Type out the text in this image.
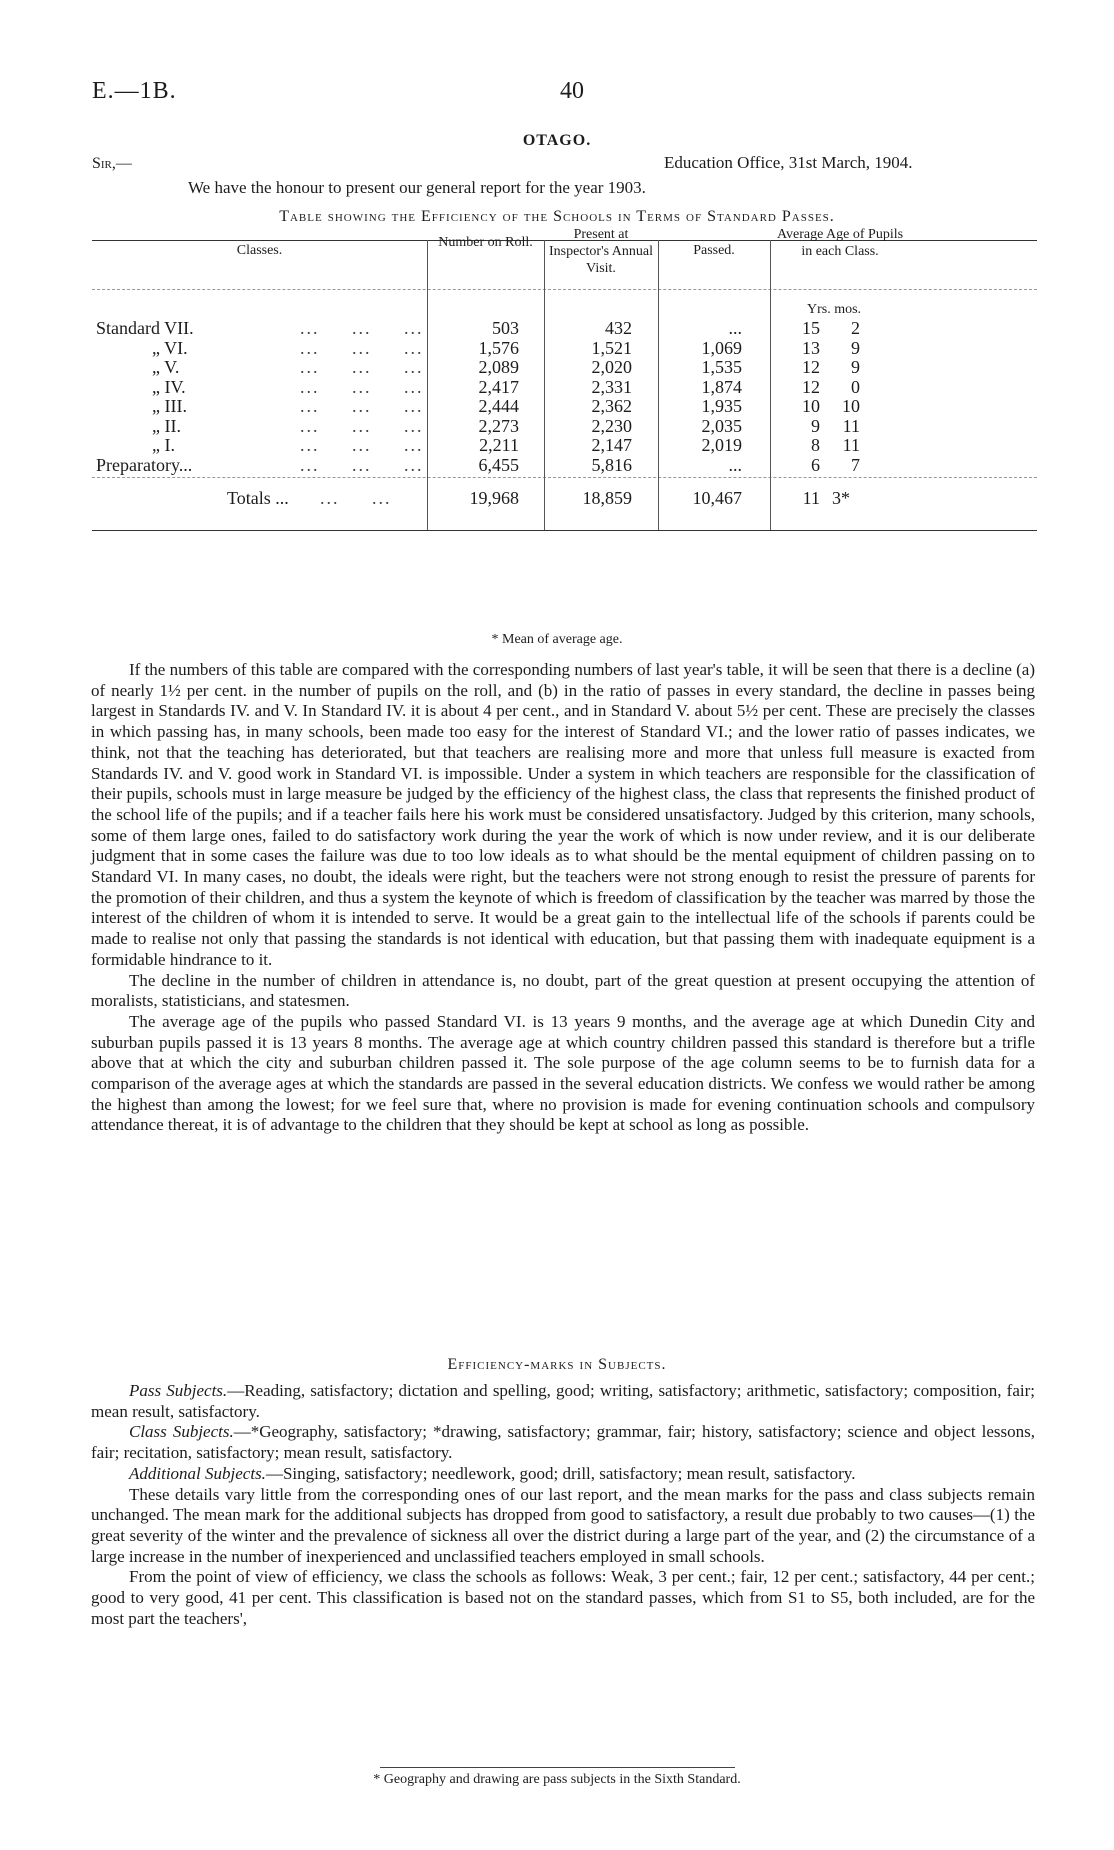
E.—1B.	40
OTAGO.
Sir,—	Education Office, 31st March, 1904.
We have the honour to present our general report for the year 1903.
Table showing the Efficiency of the Schools in Terms of Standard Passes.
Classes.
Number on Roll.
Present at Inspector's Annual Visit.
Passed.
Average Age of Pupils in each Class.
Yrs. mos.
Standard VII.	...     ...     ...	503	432	...	15	2
„ VI.	...     ...     ...	1,576	1,521	1,069	13	9
„ V.	...     ...     ...	2,089	2,020	1,535	12	9
„ IV.	...     ...     ...	2,417	2,331	1,874	12	0
„ III.	...     ...     ...	2,444	2,362	1,935	10	10
„ II.	...     ...     ...	2,273	2,230	2,035	9	11
„ I.	...     ...     ...	2,211	2,147	2,019	8	11
Preparatory...	...     ...     ...	6,455	5,816	...	6	7
Totals ... ...     ...	19,968	18,859	10,467	11 3*
* Mean of average age.

If the numbers of this table are compared with the corresponding numbers of last year's table, it will be seen that there is a decline (a) of nearly 1½ per cent. in the number of pupils on the roll, and (b) in the ratio of passes in every standard, the decline in passes being largest in Standards IV. and V. In Standard IV. it is about 4 per cent., and in Standard V. about 5½ per cent. These are precisely the classes in which passing has, in many schools, been made too easy for the interest of Standard VI.; and the lower ratio of passes indicates, we think, not that the teaching has deteriorated, but that teachers are realising more and more that unless full measure is exacted from Standards IV. and V. good work in Standard VI. is impossible. Under a system in which teachers are responsible for the classification of their pupils, schools must in large measure be judged by the efficiency of the highest class, the class that represents the finished product of the school life of the pupils; and if a teacher fails here his work must be considered unsatisfactory. Judged by this criterion, many schools, some of them large ones, failed to do satisfactory work during the year the work of which is now under review, and it is our deliberate judgment that in some cases the failure was due to too low ideals as to what should be the mental equipment of children passing on to Standard VI. In many cases, no doubt, the ideals were right, but the teachers were not strong enough to resist the pressure of parents for the promotion of their children, and thus a system the keynote of which is freedom of classification by the teacher was marred by those the interest of the children of whom it is intended to serve. It would be a great gain to the intellectual life of the schools if parents could be made to realise not only that passing the standards is not identical with education, but that passing them with inadequate equipment is a formidable hindrance to it.

The decline in the number of children in attendance is, no doubt, part of the great question at present occupying the attention of moralists, statisticians, and statesmen.

The average age of the pupils who passed Standard VI. is 13 years 9 months, and the average age at which Dunedin City and suburban pupils passed it is 13 years 8 months. The average age at which country children passed this standard is therefore but a trifle above that at which the city and suburban children passed it. The sole purpose of the age column seems to be to furnish data for a comparison of the average ages at which the standards are passed in the several education districts. We confess we would rather be among the highest than among the lowest; for we feel sure that, where no provision is made for evening continuation schools and compulsory attendance thereat, it is of advantage to the children that they should be kept at school as long as possible.

Efficiency-marks in Subjects.

Pass Subjects.—Reading, satisfactory; dictation and spelling, good; writing, satisfactory; arithmetic, satisfactory; composition, fair; mean result, satisfactory.

Class Subjects.—*Geography, satisfactory; *drawing, satisfactory; grammar, fair; history, satisfactory; science and object lessons, fair; recitation, satisfactory; mean result, satisfactory.

Additional Subjects.—Singing, satisfactory; needlework, good; drill, satisfactory; mean result, satisfactory.

These details vary little from the corresponding ones of our last report, and the mean marks for the pass and class subjects remain unchanged. The mean mark for the additional subjects has dropped from good to satisfactory, a result due probably to two causes—(1) the great severity of the winter and the prevalence of sickness all over the district during a large part of the year, and (2) the circumstance of a large increase in the number of inexperienced and unclassified teachers employed in small schools.

From the point of view of efficiency, we class the schools as follows: Weak, 3 per cent.; fair, 12 per cent.; satisfactory, 44 per cent.; good to very good, 41 per cent. This classification is based not on the standard passes, which from S1 to S5, both included, are for the most part the teachers',

* Geography and drawing are pass subjects in the Sixth Standard.
